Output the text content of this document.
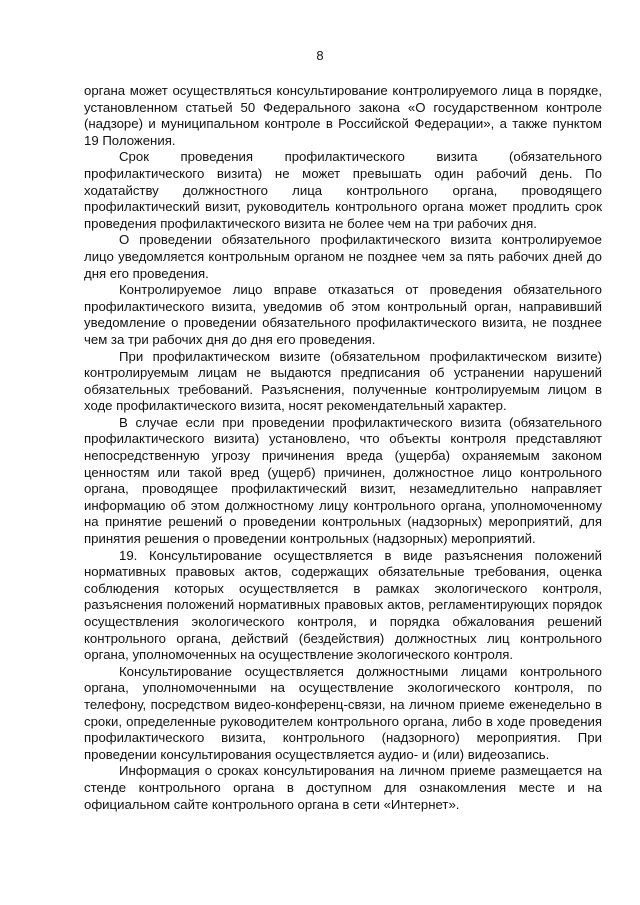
8

органа может осуществляться консультирование контролируемого лица в порядке, установленном статьей 50 Федерального закона «О государственном контроле (надзоре) и муниципальном контроле в Российской Федерации», а также пунктом 19 Положения.

Срок проведения профилактического визита (обязательного профилактического визита) не может превышать один рабочий день. По ходатайству должностного лица контрольного органа, проводящего профилактический визит, руководитель контрольного органа может продлить срок проведения профилактического визита не более чем на три рабочих дня.

О проведении обязательного профилактического визита контролируемое лицо уведомляется контрольным органом не позднее чем за пять рабочих дней до дня его проведения.

Контролируемое лицо вправе отказаться от проведения обязательного профилактического визита, уведомив об этом контрольный орган, направивший уведомление о проведении обязательного профилактического визита, не позднее чем за три рабочих дня до дня его проведения.

При профилактическом визите (обязательном профилактическом визите) контролируемым лицам не выдаются предписания об устранении нарушений обязательных требований. Разъяснения, полученные контролируемым лицом в ходе профилактического визита, носят рекомендательный характер.

В случае если при проведении профилактического визита (обязательного профилактического визита) установлено, что объекты контроля представляют непосредственную угрозу причинения вреда (ущерба) охраняемым законом ценностям или такой вред (ущерб) причинен, должностное лицо контрольного органа, проводящее профилактический визит, незамедлительно направляет информацию об этом должностному лицу контрольного органа, уполномоченному на принятие решений о проведении контрольных (надзорных) мероприятий, для принятия решения о проведении контрольных (надзорных) мероприятий.

19. Консультирование осуществляется в виде разъяснения положений нормативных правовых актов, содержащих обязательные требования, оценка соблюдения которых осуществляется в рамках экологического контроля, разъяснения положений нормативных правовых актов, регламентирующих порядок осуществления экологического контроля, и порядка обжалования решений контрольного органа, действий (бездействия) должностных лиц контрольного органа, уполномоченных на осуществление экологического контроля.

Консультирование осуществляется должностными лицами контрольного органа, уполномоченными на осуществление экологического контроля, по телефону, посредством видео-конференц-связи, на личном приеме еженедельно в сроки, определенные руководителем контрольного органа, либо в ходе проведения профилактического визита, контрольного (надзорного) мероприятия. При проведении консультирования осуществляется аудио- и (или) видеозапись.

Информация о сроках консультирования на личном приеме размещается на стенде контрольного органа в доступном для ознакомления месте и на официальном сайте контрольного органа в сети «Интернет».
